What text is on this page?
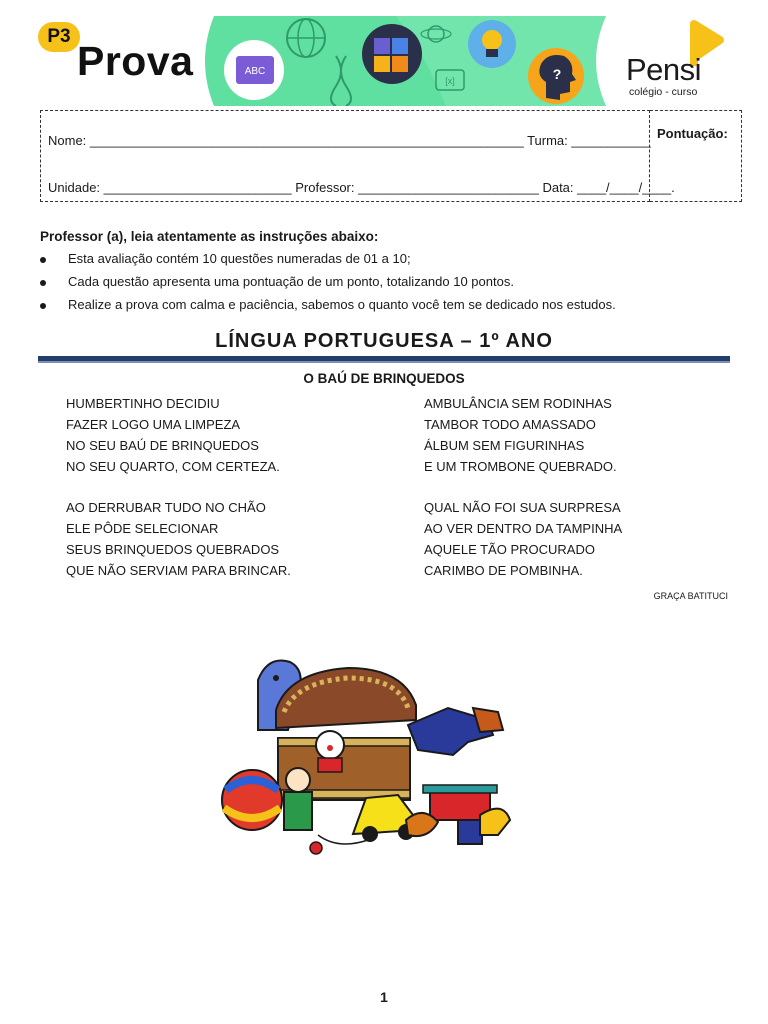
P3
Prova	ABC
[x]	? Pensi
colégio - curso
Nome: ____________________________________________________________ Turma: ___________
Unidade: __________________________ Professor: _________________________ Data: ____/____/____.
Pontuação:
Professor (a), leia atentamente as instruções abaixo:
Esta avaliação contém 10 questões numeradas de 01 a 10;
Cada questão apresenta uma pontuação de um ponto, totalizando 10 pontos.
Realize a prova com calma e paciência, sabemos o quanto você tem se dedicado nos estudos.
LÍNGUA PORTUGUESA – 1º ANO
O BAÚ DE BRINQUEDOS
HUMBERTINHO DECIDIU
FAZER LOGO UMA LIMPEZA
NO SEU BAÚ DE BRINQUEDOS
NO SEU QUARTO, COM CERTEZA.
AMBULÂNCIA SEM RODINHAS
TAMBOR TODO AMASSADO
ÁLBUM SEM FIGURINHAS
E UM TROMBONE QUEBRADO.
AO DERRUBAR TUDO NO CHÃO
ELE PÔDE SELECIONAR
SEUS BRINQUEDOS QUEBRADOS
QUE NÃO SERVIAM PARA BRINCAR.
QUAL NÃO FOI SUA SURPRESA
AO VER DENTRO DA TAMPINHA
AQUELE TÃO PROCURADO
CARIMBO DE POMBINHA.
GRAÇA BATITUCI
1
